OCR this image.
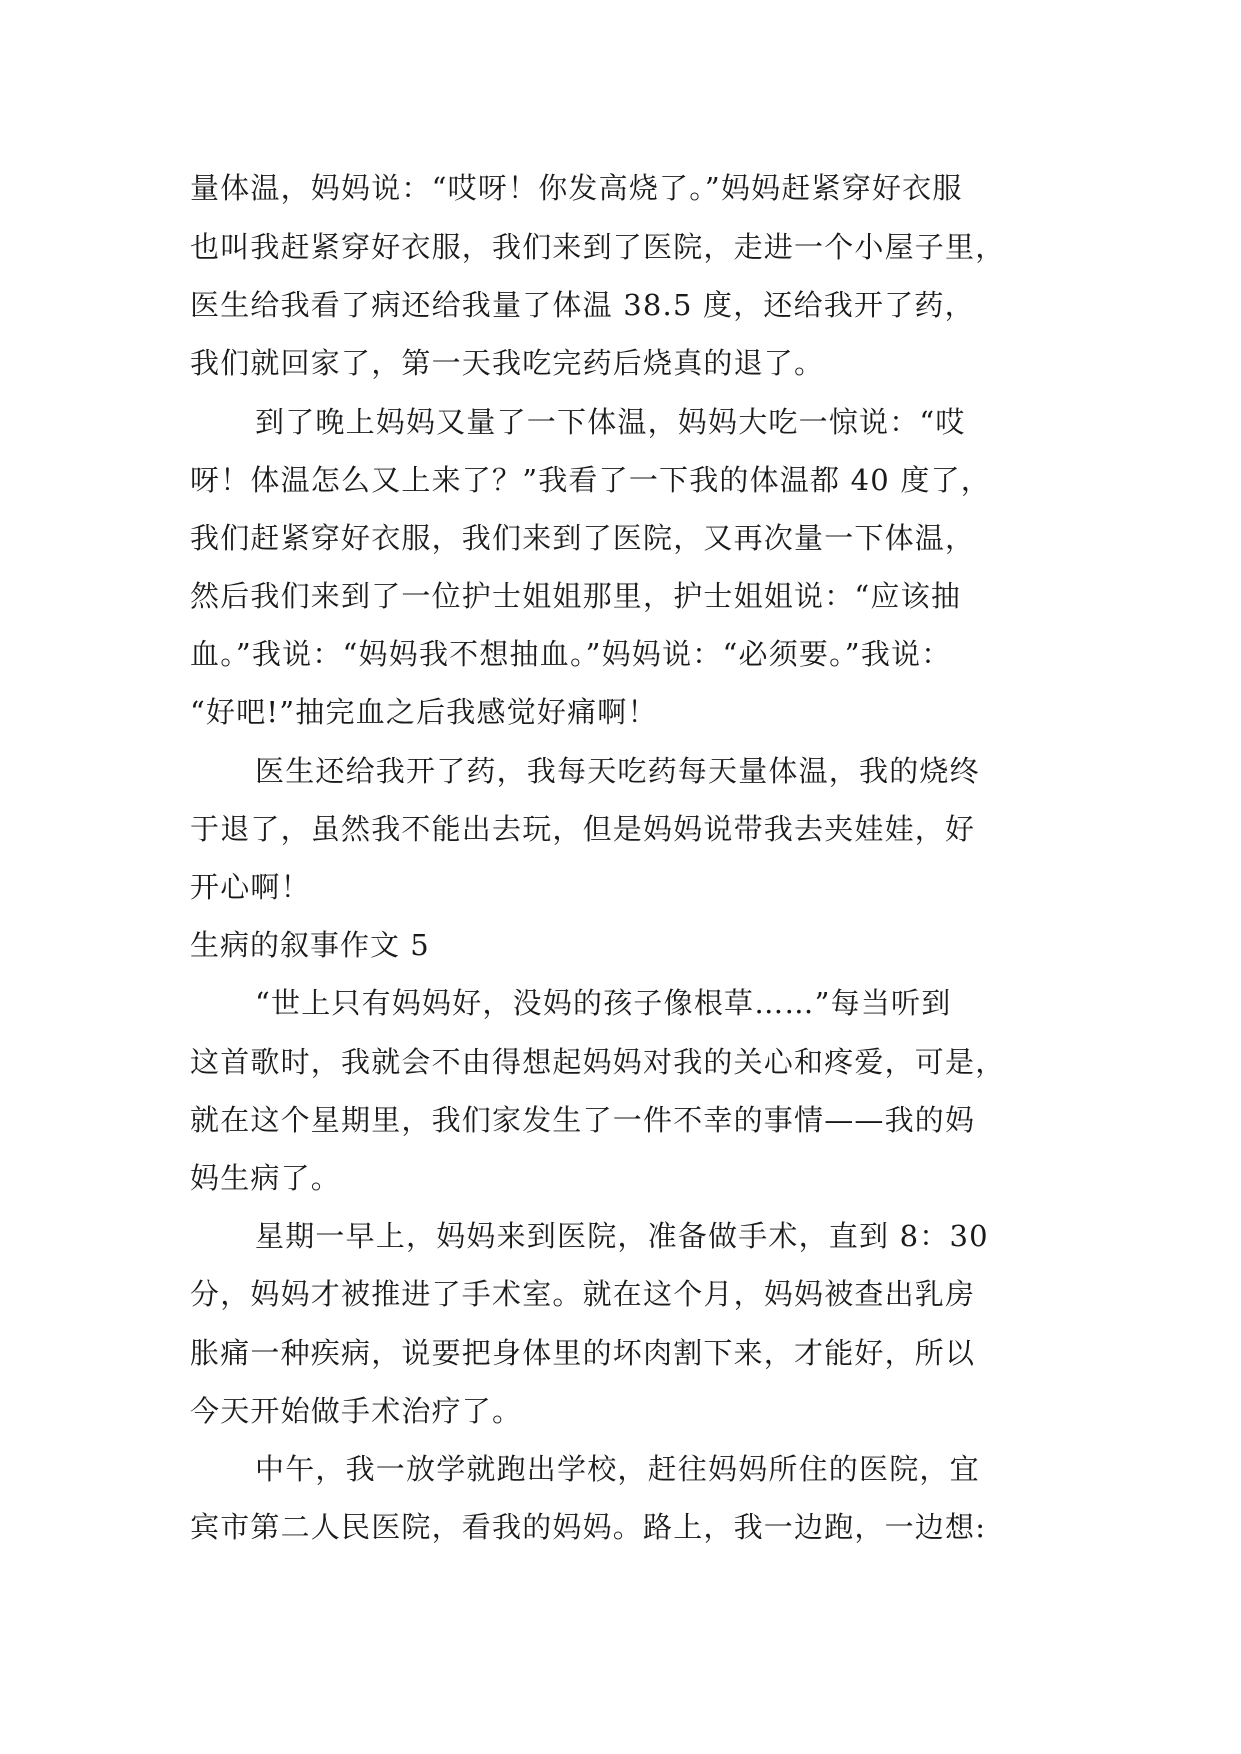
量体温，妈妈说：“哎呀！你发高烧了。”妈妈赶紧穿好衣服
也叫我赶紧穿好衣服，我们来到了医院，走进一个小屋子里，
医生给我看了病还给我量了体温 38.5 度，还给我开了药，
我们就回家了，第一天我吃完药后烧真的退了。
到了晚上妈妈又量了一下体温，妈妈大吃一惊说：“哎
呀！体温怎么又上来了？”我看了一下我的体温都 40 度了，
我们赶紧穿好衣服，我们来到了医院，又再次量一下体温，
然后我们来到了一位护士姐姐那里，护士姐姐说：“应该抽
血。”我说：“妈妈我不想抽血。”妈妈说：“必须要。”我说：
“好吧!”抽完血之后我感觉好痛啊！
医生还给我开了药，我每天吃药每天量体温，我的烧终
于退了，虽然我不能出去玩，但是妈妈说带我去夹娃娃，好
开心啊！
生病的叙事作文 5
“世上只有妈妈好，没妈的孩子像根草……”每当听到
这首歌时，我就会不由得想起妈妈对我的关心和疼爱，可是，
就在这个星期里，我们家发生了一件不幸的事情——我的妈
妈生病了。
星期一早上，妈妈来到医院，准备做手术，直到 8：30
分，妈妈才被推进了手术室。就在这个月，妈妈被查出乳房
胀痛一种疾病，说要把身体里的坏肉割下来，才能好，所以
今天开始做手术治疗了。
中午，我一放学就跑出学校，赶往妈妈所住的医院，宜
宾市第二人民医院，看我的妈妈。路上，我一边跑，一边想:
